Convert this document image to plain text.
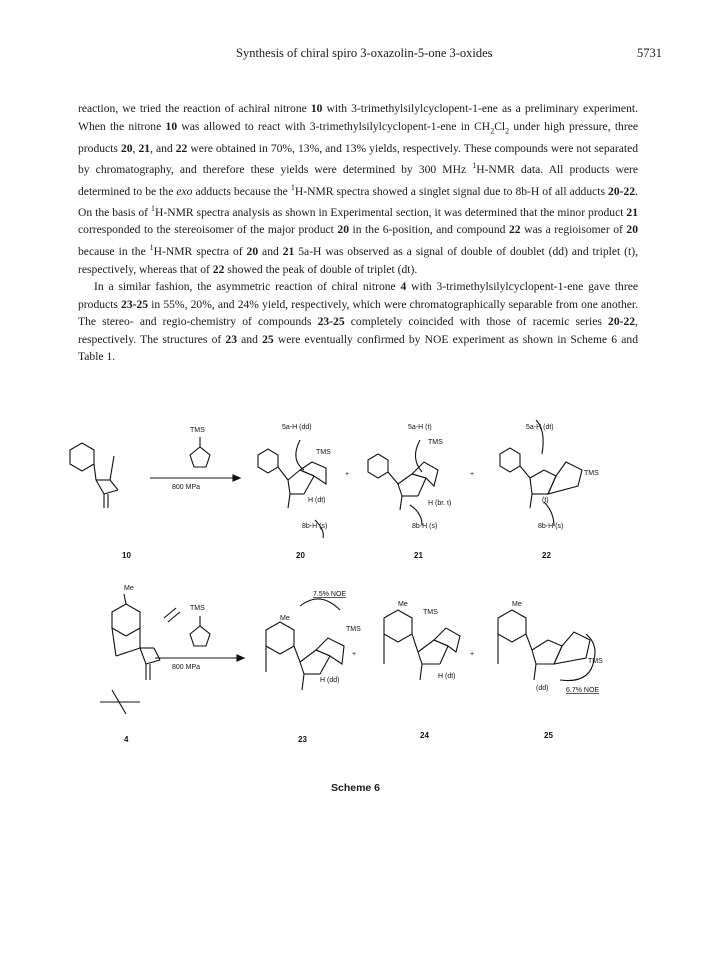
Synthesis of chiral spiro 3-oxazolin-5-one 3-oxides	5731

reaction, we tried the reaction of achiral nitrone 10 with 3-trimethylsilylcyclopent-1-ene as a preliminary experiment. When the nitrone 10 was allowed to react with 3-trimethylsilylcyclopent-1-ene in $CH_2Cl_2$ under high pressure, three products 20, 21, and 22 were obtained in 70%, 13%, and 13% yields, respectively. These compounds were not separated by chromatography, and therefore these yields were determined by 300 MHz $^1$H-NMR data. All products were determined to be the exo adducts because the $^1$H-NMR spectra showed a singlet signal due to 8b-H of all adducts 20-22. On the basis of $^1$H-NMR spectra analysis as shown in Experimental section, it was determined that the minor product 21 corresponded to the stereoisomer of the major product 20 in the 6-position, and compound 22 was a regioisomer of 20 because in the $^1$H-NMR spectra of 20 and 21 5a-H was observed as a signal of double of doublet (dd) and triplet (t), respectively, whereas that of 22 showed the peak of double of triplet (dt).

In a similar fashion, the asymmetric reaction of chiral nitrone 4 with 3-trimethylsilylcyclopent-1-ene gave three products 23-25 in 55%, 20%, and 24% yield, respectively, which were chromatographically separable from one another. The stereo- and regio-chemistry of compounds 23-25 completely coincided with those of racemic series 20-22, respectively. The structures of 23 and 25 were eventually confirmed by NOE experiment as shown in Scheme 6 and Table 1.

TMS
800 MPa
5a-H (dd)	5a-H (t)	5a-H (dt)
8b-H (s)	8b-H (s)	8b-H (s)
H (dt)	H (br. t)	(t)
TMS
TMS
TMS
+	+
TMS
800 MPa
TMS
TMS
TMS
7.5% NOE
6.7% NOE
H (dd)
H (dt)
(dd)
+	+
Me
Me
Me	Me
10	20	21	22
4	23	24	25
Scheme 6
